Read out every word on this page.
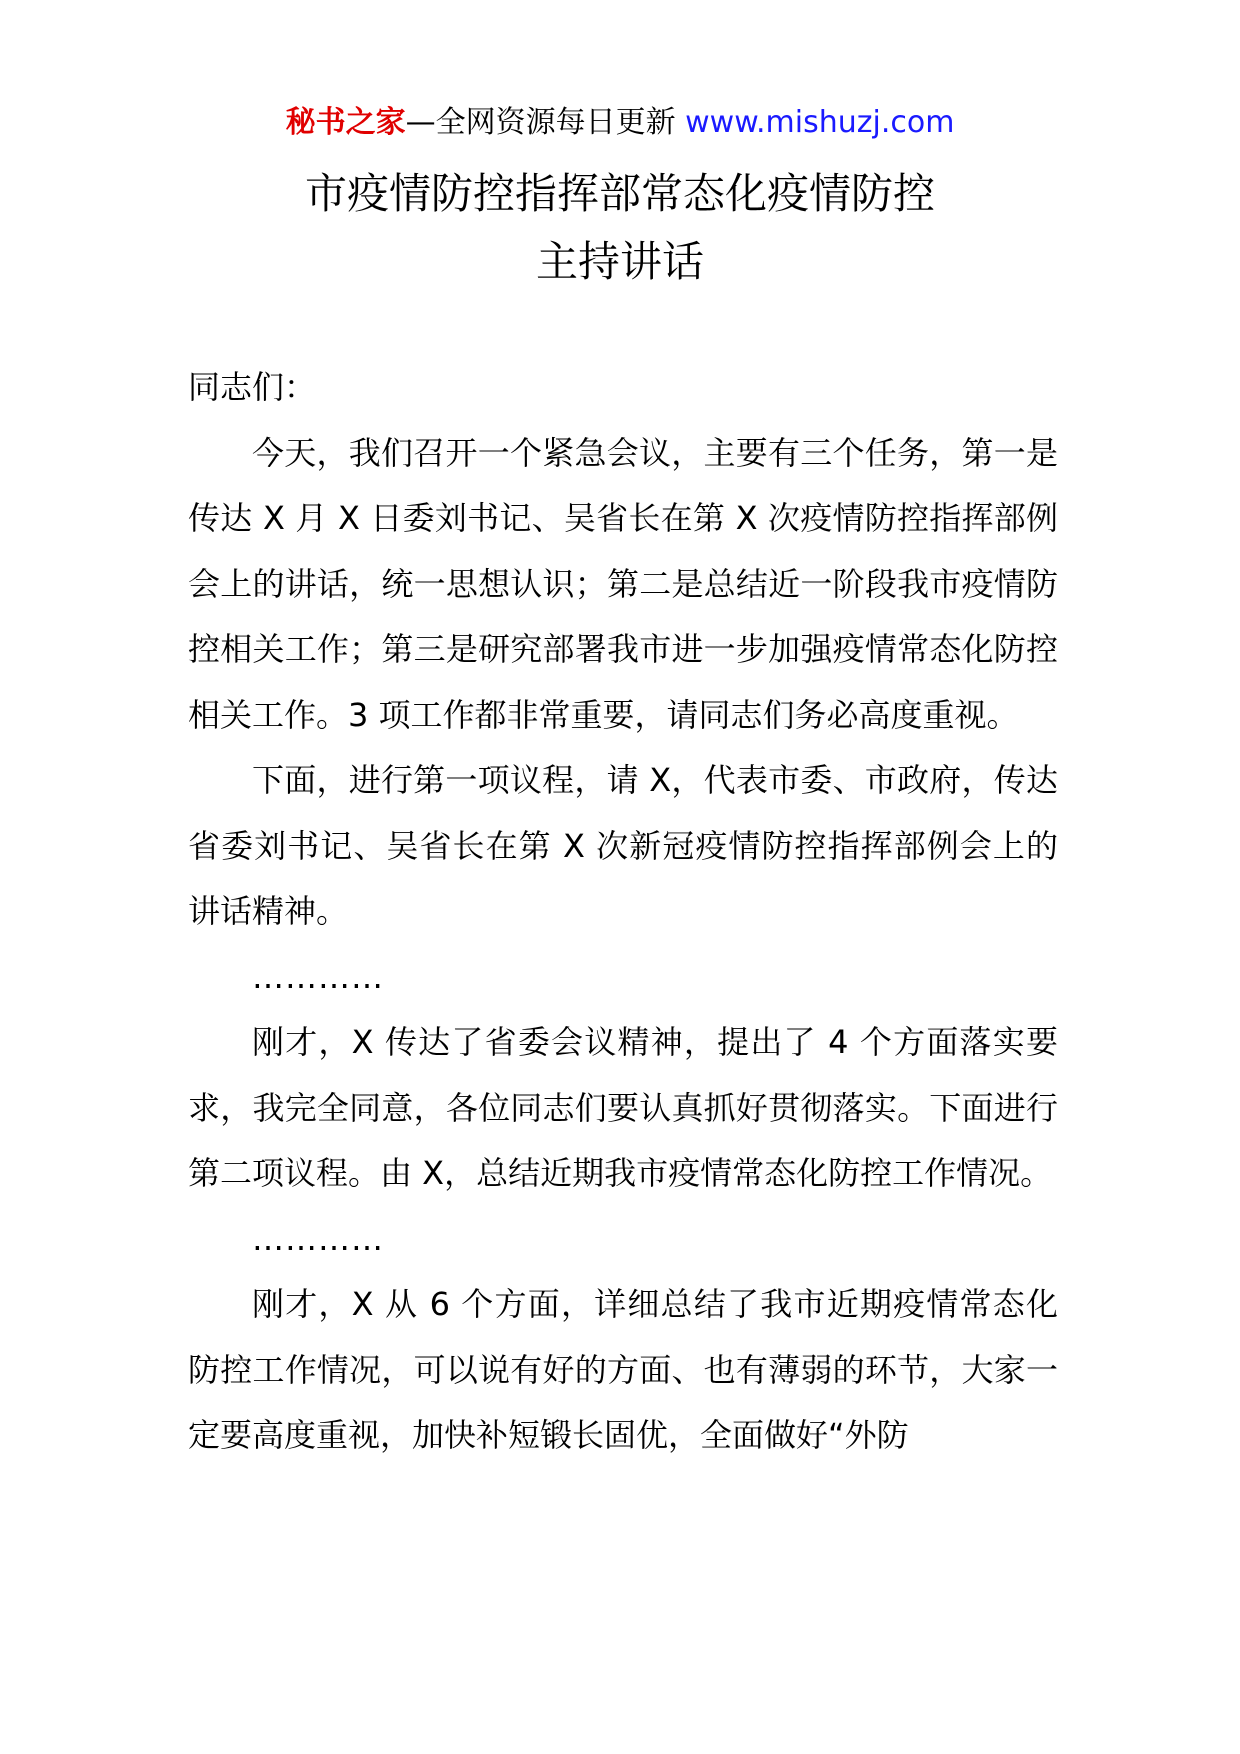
秘书之家—全网资源每日更新 www.mishuzj.com
市疫情防控指挥部常态化疫情防控
主持讲话

同志们：

今天，我们召开一个紧急会议，主要有三个任务，第一是传达 X 月 X 日委刘书记、吴省长在第 X 次疫情防控指挥部例会上的讲话，统一思想认识；第二是总结近一阶段我市疫情防控相关工作；第三是研究部署我市进一步加强疫情常态化防控相关工作。3 项工作都非常重要，请同志们务必高度重视。

下面，进行第一项议程，请 X，代表市委、市政府，传达省委刘书记、吴省长在第 X 次新冠疫情防控指挥部例会上的讲话精神。

…………

刚才，X 传达了省委会议精神，提出了 4 个方面落实要求，我完全同意，各位同志们要认真抓好贯彻落实。下面进行第二项议程。由 X，总结近期我市疫情常态化防控工作情况。

…………

刚才，X 从 6 个方面，详细总结了我市近期疫情常态化防控工作情况，可以说有好的方面、也有薄弱的环节，大家一定要高度重视，加快补短锻长固优，全面做好“外防
